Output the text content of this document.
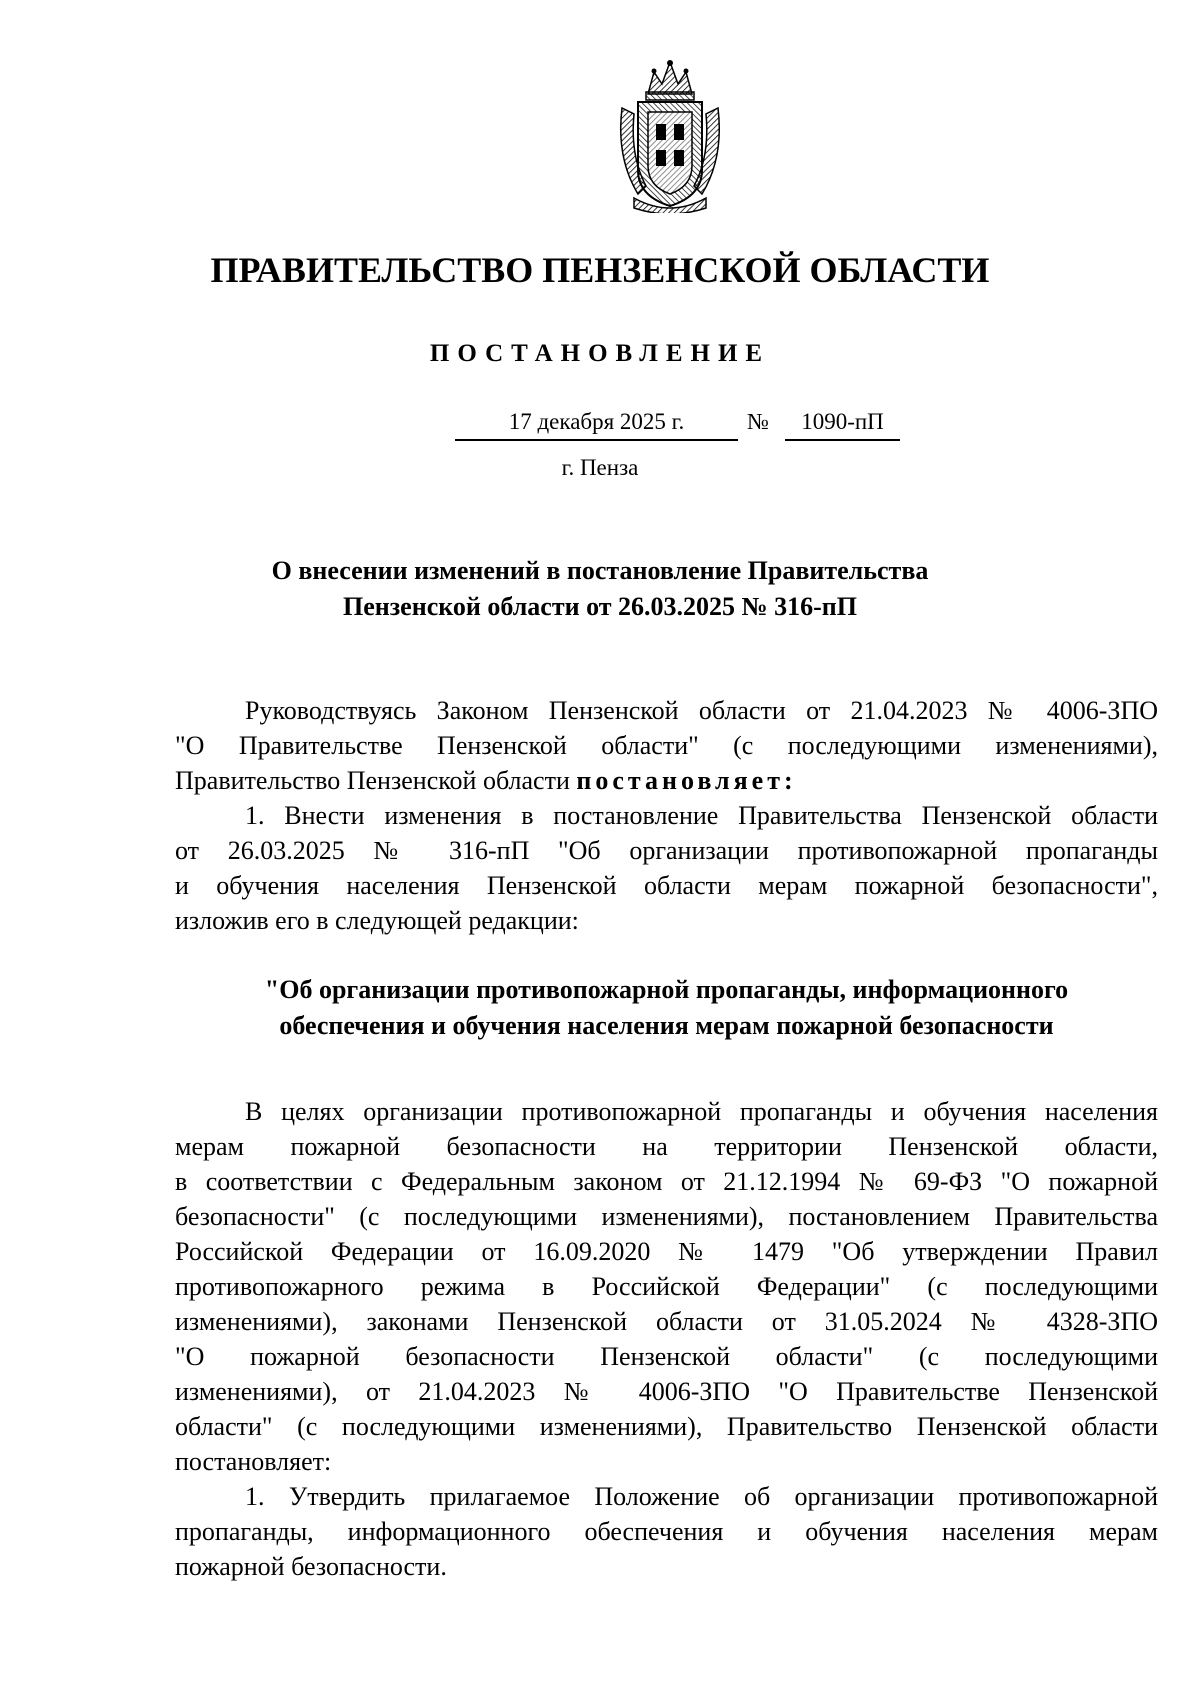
ПРАВИТЕЛЬСТВО ПЕНЗЕНСКОЙ ОБЛАСТИ
ПОСТАНОВЛЕНИЕ
17 декабря 2025 г.	№	1090-пП
г. Пенза
О внесении изменений в постановление Правительства
Пензенской области от 26.03.2025 № 316-пП
Руководствуясь Законом Пензенской области от 21.04.2023 № 4006-ЗПО
"О Правительстве Пензенской области" (с последующими изменениями),
Правительство Пензенской области постановляет:
1. Внести изменения в постановление Правительства Пензенской области
от 26.03.2025 № 316-пП "Об организации противопожарной пропаганды
и обучения населения Пензенской области мерам пожарной безопасности",
изложив его в следующей редакции:
"Об организации противопожарной пропаганды, информационного
обеспечения и обучения населения мерам пожарной безопасности
В целях организации противопожарной пропаганды и обучения населения
мерам пожарной безопасности на территории Пензенской области,
в соответствии с Федеральным законом от 21.12.1994 № 69-ФЗ "О пожарной
безопасности" (с последующими изменениями), постановлением Правительства
Российской Федерации от 16.09.2020 № 1479 "Об утверждении Правил
противопожарного режима в Российской Федерации" (с последующими
изменениями), законами Пензенской области от 31.05.2024 № 4328-ЗПО
"О пожарной безопасности Пензенской области" (с последующими
изменениями), от 21.04.2023 № 4006-ЗПО "О Правительстве Пензенской
области" (с последующими изменениями), Правительство Пензенской области
постановляет:
1. Утвердить прилагаемое Положение об организации противопожарной
пропаганды, информационного обеспечения и обучения населения мерам
пожарной безопасности.
